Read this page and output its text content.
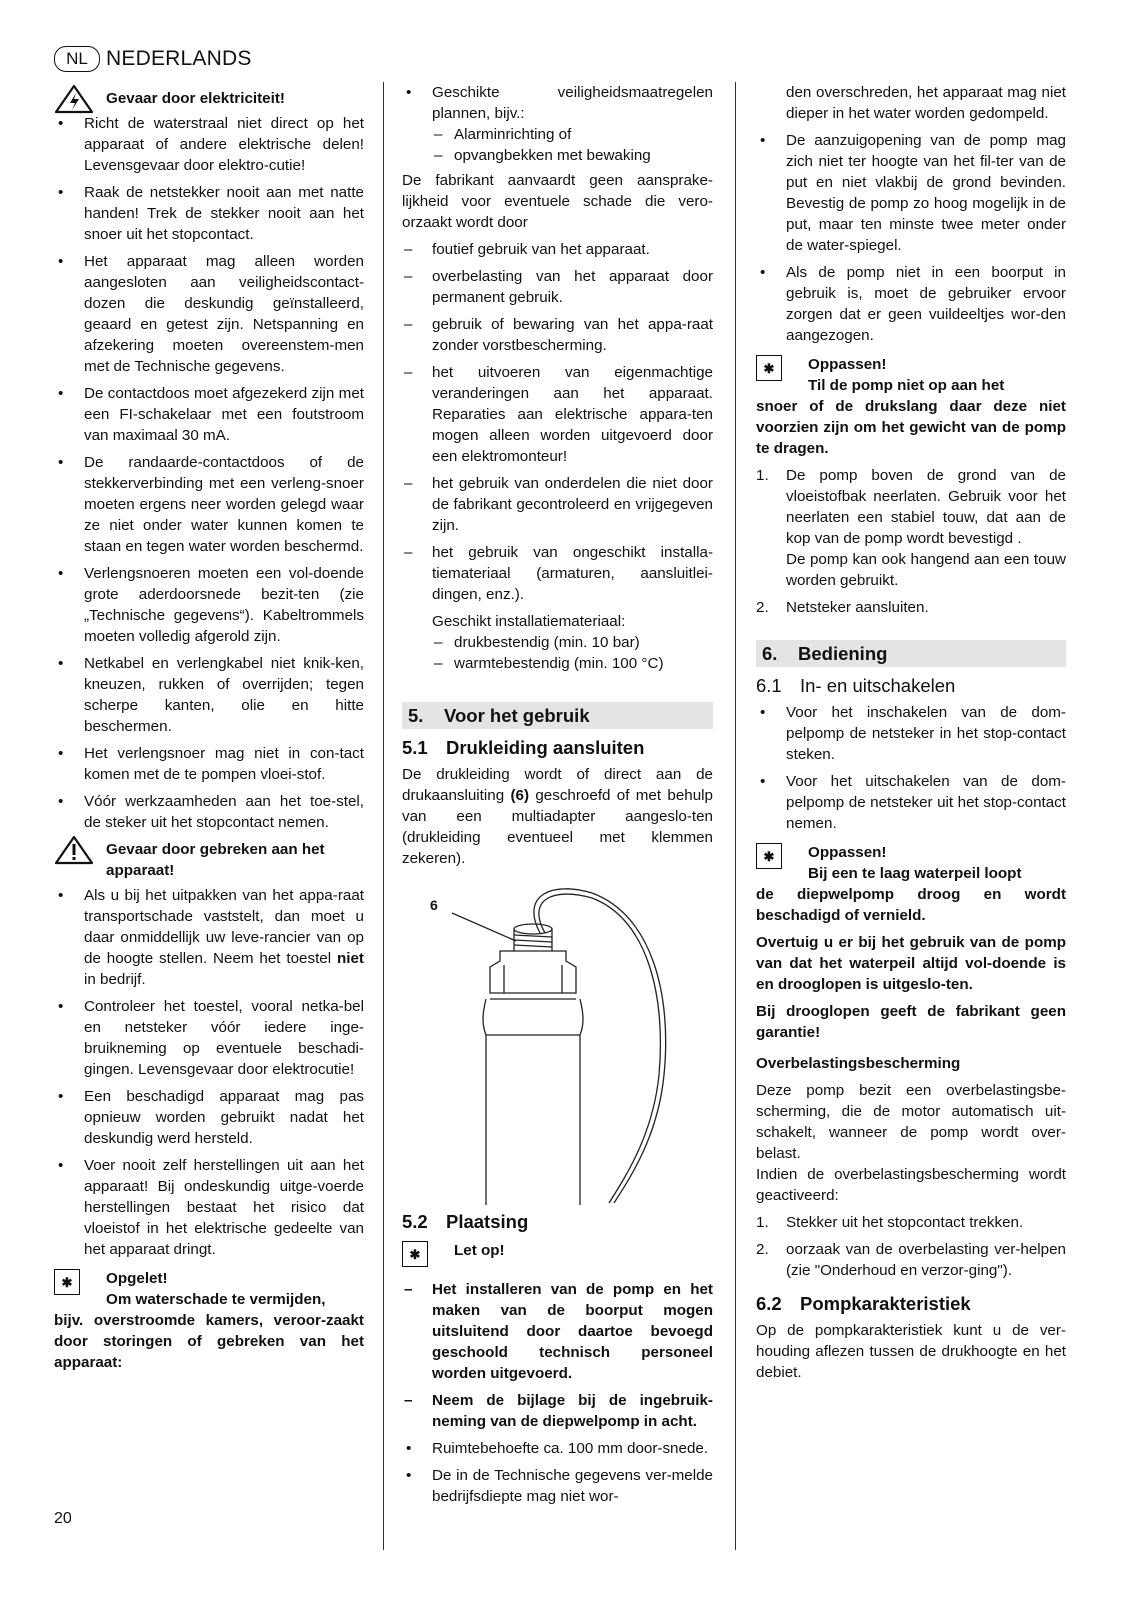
NL NEDERLANDS
Gevaar door elektriciteit!
• Richt de waterstraal niet direct op het apparaat of andere elektrische delen! Levensgevaar door elektro-cutie!
• Raak de netstekker nooit aan met natte handen! Trek de stekker nooit aan het snoer uit het stopcontact.
• Het apparaat mag alleen worden aangesloten aan veiligheidscontact-dozen die deskundig geïnstalleerd, geaard en getest zijn. Netspanning en afzekering moeten overeenstem-men met de Technische gegevens.
• De contactdoos moet afgezekerd zijn met een FI-schakelaar met een foutstroom van maximaal 30 mA.
• De randaarde-contactdoos of de stekkerverbinding met een verleng-snoer moeten ergens neer worden gelegd waar ze niet onder water kunnen komen te staan en tegen water worden beschermd.
• Verlengsnoeren moeten een vol-doende grote aderdoorsnede bezit-ten (zie „Technische gegevens“). Kabeltrommels moeten volledig afgerold zijn.
• Netkabel en verlengkabel niet knik-ken, kneuzen, rukken of overrijden; tegen scherpe kanten, olie en hitte beschermen.
• Het verlengsnoer mag niet in con-tact komen met de te pompen vloei-stof.
• Vóór werkzaamheden aan het toe-stel, de steker uit het stopcontact nemen.
Gevaar door gebreken aan het apparaat!
• Als u bij het uitpakken van het appa-raat transportschade vaststelt, dan moet u daar onmiddellijk uw leve-rancier van op de hoogte stellen. Neem het toestel niet in bedrijf.
• Controleer het toestel, vooral netka-bel en netsteker vóór iedere inge-bruikneming op eventuele beschadi-gingen. Levensgevaar door elektrocutie!
• Een beschadigd apparaat mag pas opnieuw worden gebruikt nadat het deskundig werd hersteld.
• Voer nooit zelf herstellingen uit aan het apparaat! Bij ondeskundig uitge-voerde herstellingen bestaat het risico dat vloeistof in het elektrische gedeelte van het apparaat dringt.
✱	Opgelet!
Om waterschade te vermijden,
bijv. overstroomde kamers, veroor-zaakt door storingen of gebreken van het apparaat:
• Geschikte veiligheidsmaatregelen plannen, bijv.:
– Alarminrichting of
– opvangbekken met bewaking

De fabrikant aanvaardt geen aansprake-lijkheid voor eventuele schade die vero-orzaakt wordt door

– foutief gebruik van het apparaat.
– overbelasting van het apparaat door permanent gebruik.
– gebruik of bewaring van het appa-raat zonder vorstbescherming.
– het uitvoeren van eigenmachtige veranderingen aan het apparaat. Reparaties aan elektrische appara-ten mogen alleen worden uitgevoerd door een elektromonteur!
– het gebruik van onderdelen die niet door de fabrikant gecontroleerd en vrijgegeven zijn.
– het gebruik van ongeschikt installa-tiemateriaal (armaturen, aansluitlei-dingen, enz.).
Geschikt installatiemateriaal:
– drukbestendig (min. 10 bar)
– warmtebestendig (min. 100 °C)
5.	Voor het gebruik
5.1 Drukleiding aansluiten

De drukleiding wordt of direct aan de drukaansluiting (6) geschroefd of met behulp van een multiadapter aangeslo-ten (drukleiding eventueel met klemmen zekeren).

6
5.2 Plaatsing
✱	Let op!
– Het installeren van de pomp en het maken van de boorput mogen uitsluitend door daartoe bevoegd geschoold technisch personeel worden uitgevoerd.
– Neem de bijlage bij de ingebruik-neming van de diepwelpomp in acht.
• Ruimtebehoefte ca. 100 mm door-snede.
• De in de Technische gegevens ver-melde bedrijfsdiepte mag niet wor-

den overschreden, het apparaat mag niet dieper in het water worden gedompeld.

• De aanzuigopening van de pomp mag zich niet ter hoogte van het fil-ter van de put en niet vlakbij de grond bevinden. Bevestig de pomp zo hoog mogelijk in de put, maar ten minste twee meter onder de water-spiegel.
• Als de pomp niet in een boorput in gebruik is, moet de gebruiker ervoor zorgen dat er geen vuildeeltjes wor-den aangezogen.
✱	Oppassen!
Til de pomp niet op aan het
snoer of de drukslang daar deze niet voorzien zijn om het gewicht van de pomp te dragen.
1. De pomp boven de grond van de vloeistofbak neerlaten. Gebruik voor het neerlaten een stabiel touw, dat aan de kop van de pomp wordt bevestigd .
De pomp kan ook hangend aan een touw worden gebruikt.
2. Netsteker aansluiten.
6.	Bediening
6.1 In- en uitschakelen
• Voor het inschakelen van de dom-pelpomp de netsteker in het stop-contact steken.
• Voor het uitschakelen van de dom-pelpomp de netsteker uit het stop-contact nemen.
✱	Oppassen!
Bij een te laag waterpeil loopt
de diepwelpomp droog en wordt beschadigd of vernield.

Overtuig u er bij het gebruik van de pomp van dat het waterpeil altijd vol-doende is en drooglopen is uitgeslo-ten.

Bij drooglopen geeft de fabrikant geen garantie!

Overbelastingsbescherming

Deze pomp bezit een overbelastingsbe-scherming, die de motor automatisch uit-schakelt, wanneer de pomp wordt over-belast.

Indien de overbelastingsbescherming wordt geactiveerd:

1. Stekker uit het stopcontact trekken.
2. oorzaak van de overbelasting ver-helpen (zie "Onderhoud en verzor-ging").
6.2 Pompkarakteristiek

Op de pompkarakteristiek kunt u de ver-houding aflezen tussen de drukhoogte en het debiet.

20
